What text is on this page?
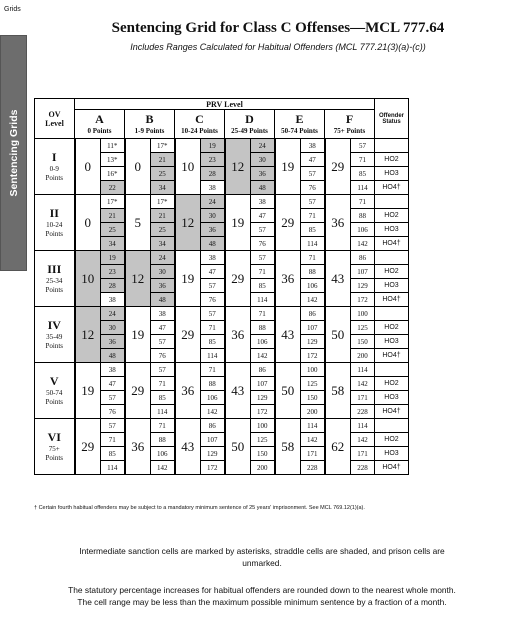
Grids
Sentencing Grids
Sentencing Grid for Class C Offenses—MCL 777.64
Includes Ranges Calculated for Habitual Offenders (MCL 777.21(3)(a)-(c))
OV
Level	PRV Level												Offender Status

	A
0 Points		B
1-9 Points		C
10-24 Points		D
25-49 Points		E
50-74 Points		F
75+ Points		

I
0-9
Points	0	11*	0	17*	10	19	12	24	19	38	29	57	
		13*		21		23		30		47		71	HO2
		16*		25		28		36		57		85	HO3
		22		34		38		48		76		114	HO4†

II
10-24
Points	0	17*	5	17*	12	24	19	38	29	57	36	71	
		21		21		30		47		71		88	HO2
		25		25		36		57		85		106	HO3
		34		34		48		76		114		142	HO4†

III
25-34
Points	10	19	12	24	19	38	29	57	36	71	43	86	
		23		30		47		71		88		107	HO2
		28		36		57		85		106		129	HO3
		38		48		76		114		142		172	HO4†

IV
35-49
Points	12	24	19	38	29	57	36	71	43	86	50	100	
		30		47		71		88		107		125	HO2
		36		57		85		106		129		150	HO3
		48		76		114		142		172		200	HO4†

V
50-74
Points	19	38	29	57	36	71	43	86	50	100	58	114	
		47		71		88		107		125		142	HO2
		57		85		106		129		150		171	HO3
		76		114		142		172		200		228	HO4†

VI
75+
Points	29	57	36	71	43	86	50	100	58	114	62	114	
		71		88		107		125		142		142	HO2
		85		106		129		150		171		171	HO3
		114		142		172		200		228		228	HO4†
† Certain fourth habitual offenders may be subject to a mandatory minimum sentence of 25 years' imprisonment. See MCL 769.12(1)(a).
Intermediate sanction cells are marked by asterisks, straddle cells are shaded, and prison cells are
unmarked.
The statutory percentage increases for habitual offenders are rounded down to the nearest whole month.
The cell range may be less than the maximum possible minimum sentence by a fraction of a month.
